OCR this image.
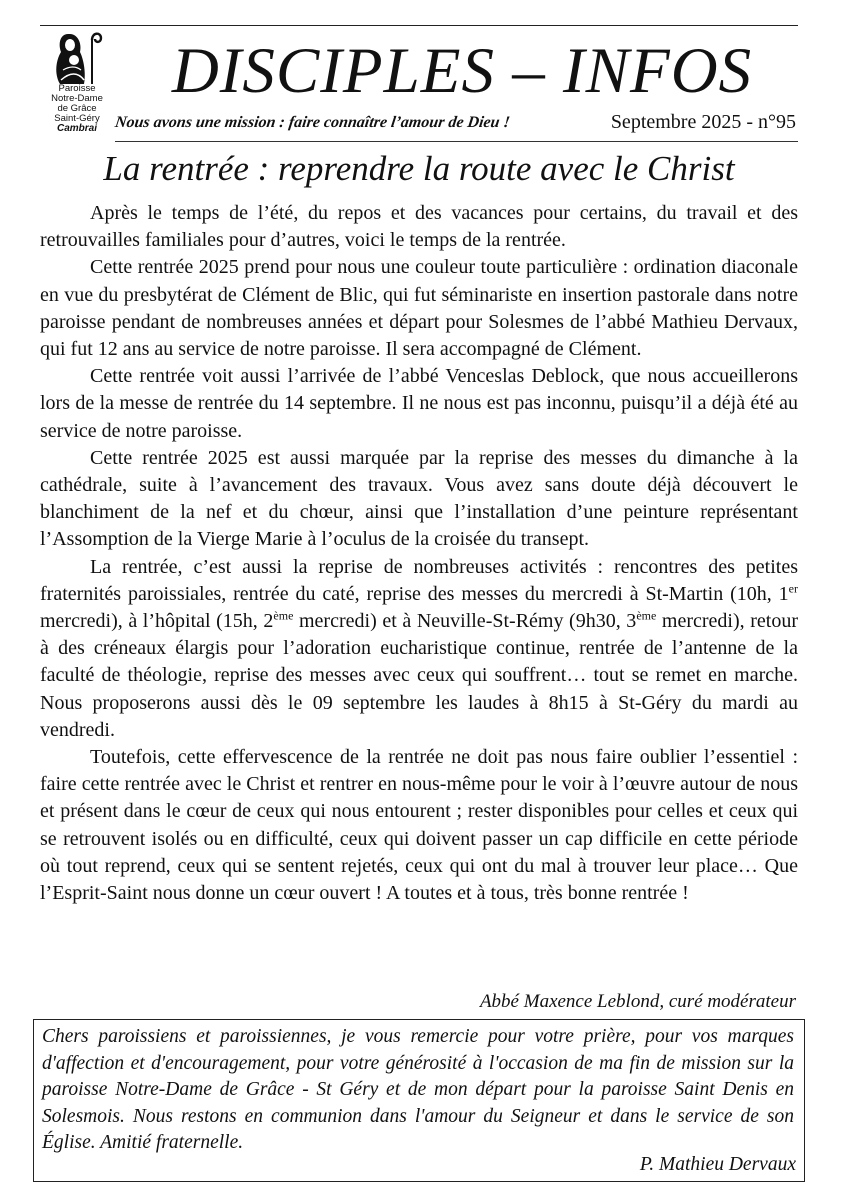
Paroisse
Notre-Dame
de Grâce
Saint-Géry
Cambrai
DISCIPLES – INFOS
Nous avons une mission : faire connaître l’amour de Dieu !	Septembre 2025 - n°95
La rentrée : reprendre la route avec le Christ

Après le temps de l’été, du repos et des vacances pour certains, du travail et des retrouvailles familiales pour d’autres, voici le temps de la rentrée.

Cette rentrée 2025 prend pour nous une couleur toute particulière : ordination diaconale en vue du presbytérat de Clément de Blic, qui fut séminariste en insertion pastorale dans notre paroisse pendant de nombreuses années et départ pour Solesmes de l’abbé Mathieu Dervaux, qui fut 12 ans au service de notre paroisse. Il sera accompagné de Clément.

Cette rentrée voit aussi l’arrivée de l’abbé Venceslas Deblock, que nous accueillerons lors de la messe de rentrée du 14 septembre. Il ne nous est pas inconnu, puisqu’il a déjà été au service de notre paroisse.

Cette rentrée 2025 est aussi marquée par la reprise des messes du dimanche à la cathédrale, suite à l’avancement des travaux. Vous avez sans doute déjà découvert le blanchiment de la nef et du chœur, ainsi que l’installation d’une peinture représentant l’Assomption de la Vierge Marie à l’oculus de la croisée du transept.

La rentrée, c’est aussi la reprise de nombreuses activités : rencontres des petites fraternités paroissiales, rentrée du caté, reprise des messes du mercredi à St-Martin (10h, 1er mercredi), à l’hôpital (15h, 2ème mercredi) et à Neuville-St-Rémy (9h30, 3ème mercredi), retour à des créneaux élargis pour l’adoration eucharistique continue, rentrée de l’antenne de la faculté de théologie, reprise des messes avec ceux qui souffrent… tout se remet en marche. Nous proposerons aussi dès le 09 septembre les laudes à 8h15 à St-Géry du mardi au vendredi.

Toutefois, cette effervescence de la rentrée ne doit pas nous faire oublier l’essentiel : faire cette rentrée avec le Christ et rentrer en nous-même pour le voir à l’œuvre autour de nous et présent dans le cœur de ceux qui nous entourent ; rester disponibles pour celles et ceux qui se retrouvent isolés ou en difficulté, ceux qui doivent passer un cap difficile en cette période où tout reprend, ceux qui se sentent rejetés, ceux qui ont du mal à trouver leur place… Que l’Esprit-Saint nous donne un cœur ouvert ! A toutes et à tous, très bonne rentrée !

Abbé Maxence Leblond, curé modérateur
Chers paroissiens et paroissiennes, je vous remercie pour votre prière, pour vos marques d'affection et d'encouragement, pour votre générosité à l'occasion de ma fin de mission sur la paroisse Notre-Dame de Grâce - St Géry et de mon départ pour la paroisse Saint Denis en Solesmois. Nous restons en communion dans l'amour du Seigneur et dans le service de son Église. Amitié fraternelle.
P. Mathieu Dervaux
